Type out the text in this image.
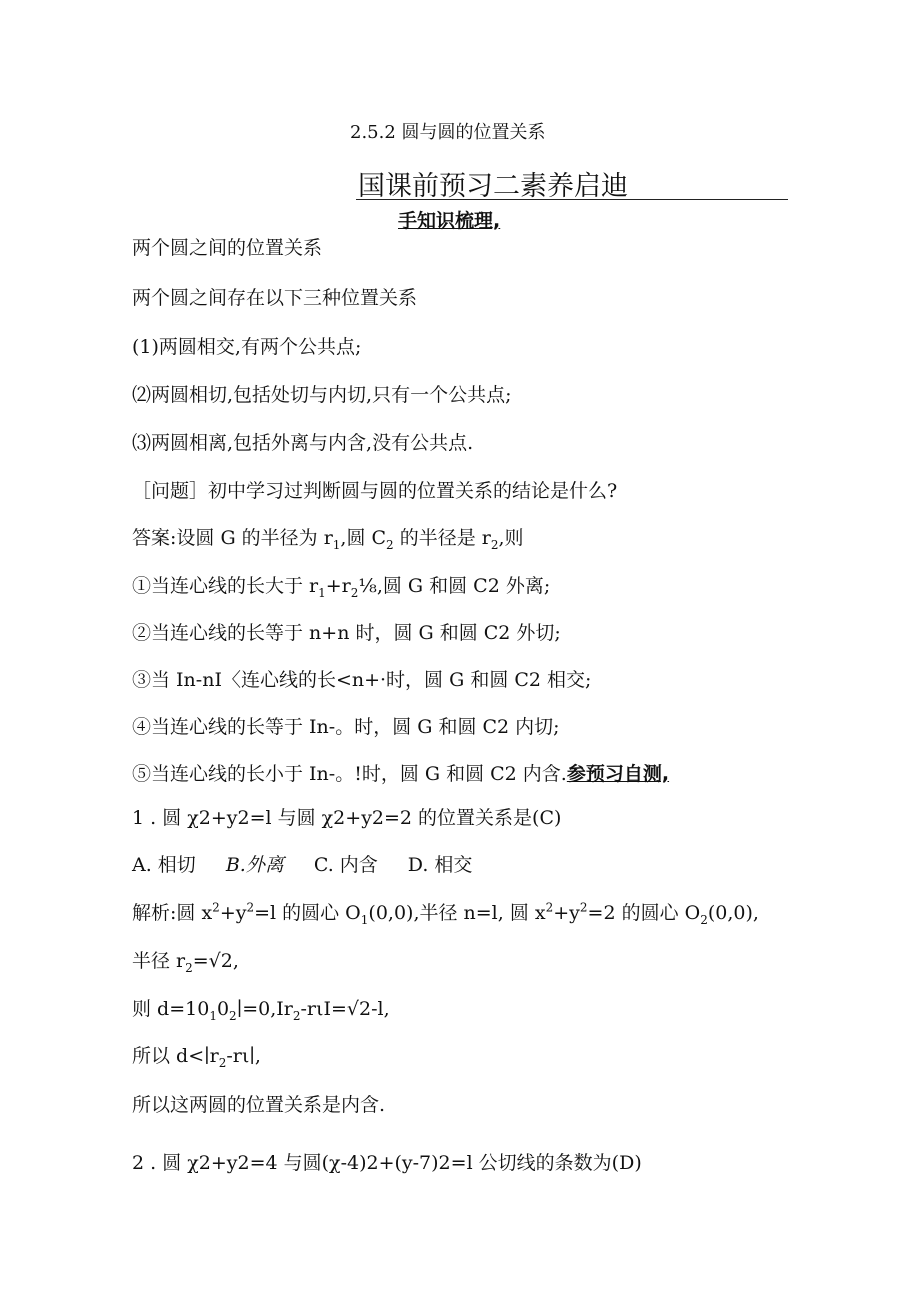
2.5.2 圆与圆的位置关系
国课前预习二素养启迪
手知识梳理,
两个圆之间的位置关系
两个圆之间存在以下三种位置关系
(1)两圆相交,有两个公共点;
⑵两圆相切,包括处切与内切,只有一个公共点;
⑶两圆相离,包括外离与内含,没有公共点.
［问题］初中学习过判断圆与圆的位置关系的结论是什么?
答案:设圆 G 的半径为 $r_1$,圆 $C_2$ 的半径是 $r_2$,则
①当连心线的长大于 $r_1+r_2\frac{1}{8}$,圆 G 和圆 C2 外离;
②当连心线的长等于 n+n 时，圆 G 和圆 C2 外切;
③当 In-nI〈连心线的长<n+·时，圆 G 和圆 C2 相交;
④当连心线的长等于 In-。时，圆 G 和圆 C2 内切;
⑤当连心线的长小于 In-。!时，圆 G 和圆 C2 内含.参预习自测,
1 . 圆 χ2+y2=l 与圆 χ2+y2=2 的位置关系是(C)
A. 相切 B.外离 C. 内含 D. 相交
解析:圆 $x^2+y^2=l$ 的圆心 $O_1(0,0)$,半径 n=l, 圆 $x^2+y^2=2$ 的圆心 $O_2(0,0)$,
半径 $r_2=√2$,
则 $d=10_10_2∣=0,Ir_2-r\iota I=√2-l$,
所以 $d<∣r_2-r\iota∣$,
所以这两圆的位置关系是内含.
2 . 圆 χ2+y2=4 与圆(χ-4)2+(y-7)2=l 公切线的条数为(D)
